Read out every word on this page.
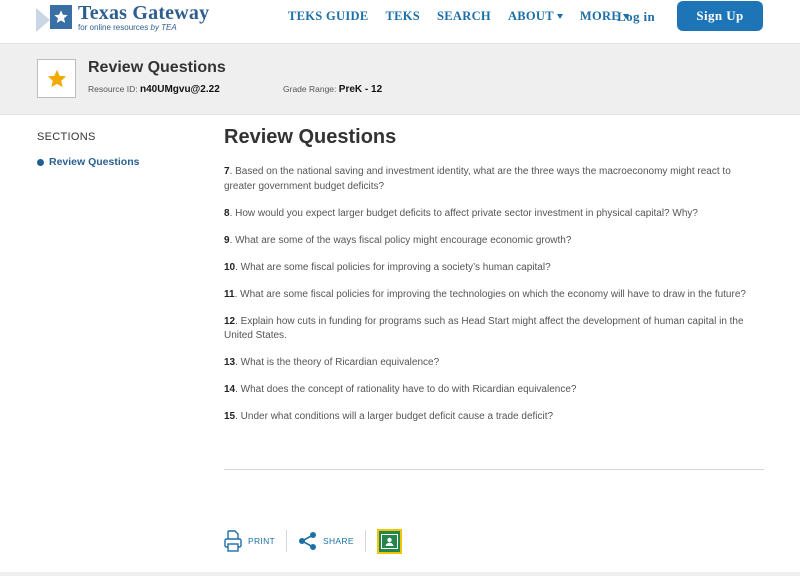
Texas Gateway
for online resources by TEA
TEKS GUIDE TEKS SEARCH ABOUT MORE
Log in	Sign Up
Review Questions
Resource ID: n40UMgvu@2.22	Grade Range: PreK - 12
SECTIONS
Review Questions
Review Questions

7. Based on the national saving and investment identity, what are the three ways the macroeconomy might react to greater government budget deficits?

8. How would you expect larger budget deficits to affect private sector investment in physical capital? Why?

9. What are some of the ways fiscal policy might encourage economic growth?

10. What are some fiscal policies for improving a society’s human capital?

11. What are some fiscal policies for improving the technologies on which the economy will have to draw in the future?

12. Explain how cuts in funding for programs such as Head Start might affect the development of human capital in the United States.

13. What is the theory of Ricardian equivalence?

14. What does the concept of rationality have to do with Ricardian equivalence?

15. Under what conditions will a larger budget deficit cause a trade deficit?

PRINT	SHARE
